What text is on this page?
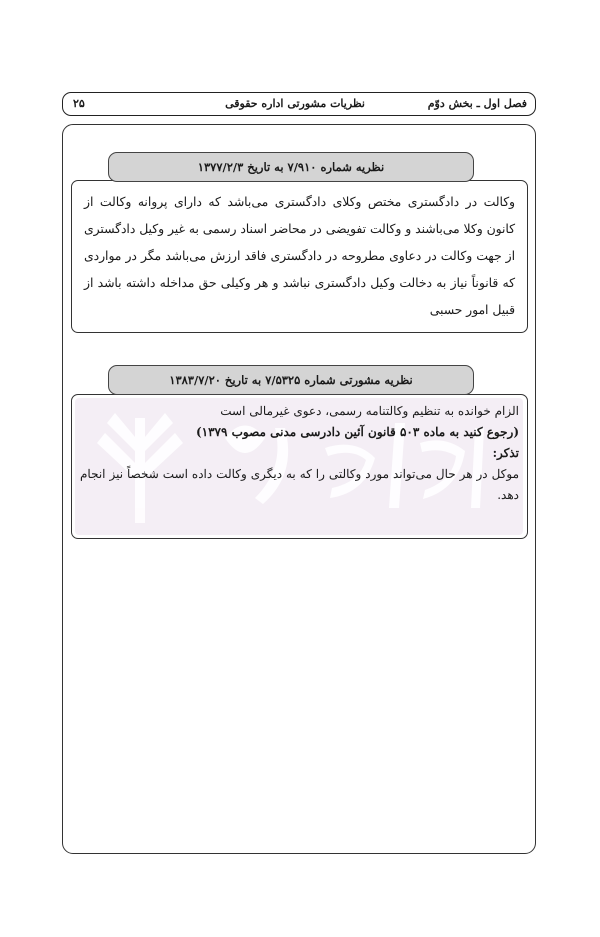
فصل اول ـ بخش دوّم
نظریات مشورتی اداره حقوقی
۲۵
نظریه شماره ۷/۹۱۰ به تاریخ ۱۳۷۷/۲/۳

وکالت در دادگستری مختص وکلای دادگستری می‌باشد که دارای پروانه وکالت از کانون وکلا می‌باشند و وکالت تفویضی در محاضر اسناد رسمی به غیر وکیل دادگستری از جهت وکالت در دعاوی مطروحه در دادگستری فاقد ارزش می‌باشد مگر در مواردی که قانوناً نیاز به دخالت وکیل دادگستری نباشد و هر وکیلی حق مداخله داشته باشد از قبیل امور حسبی

نظریه مشورتی شماره ۷/۵۳۲۵ به تاریخ ۱۳۸۳/۷/۲۰

الزام خوانده به تنظیم وکالتنامه رسمی، دعوی غیرمالی است

(رجوع کنید به ماده ۵۰۳ قانون آئین دادرسی مدنی مصوب ۱۳۷۹)

تذکر:

موکل در هر حال می‌تواند مورد وکالتی را که به دیگری وکالت داده است شخصاً نیز انجام دهد.
